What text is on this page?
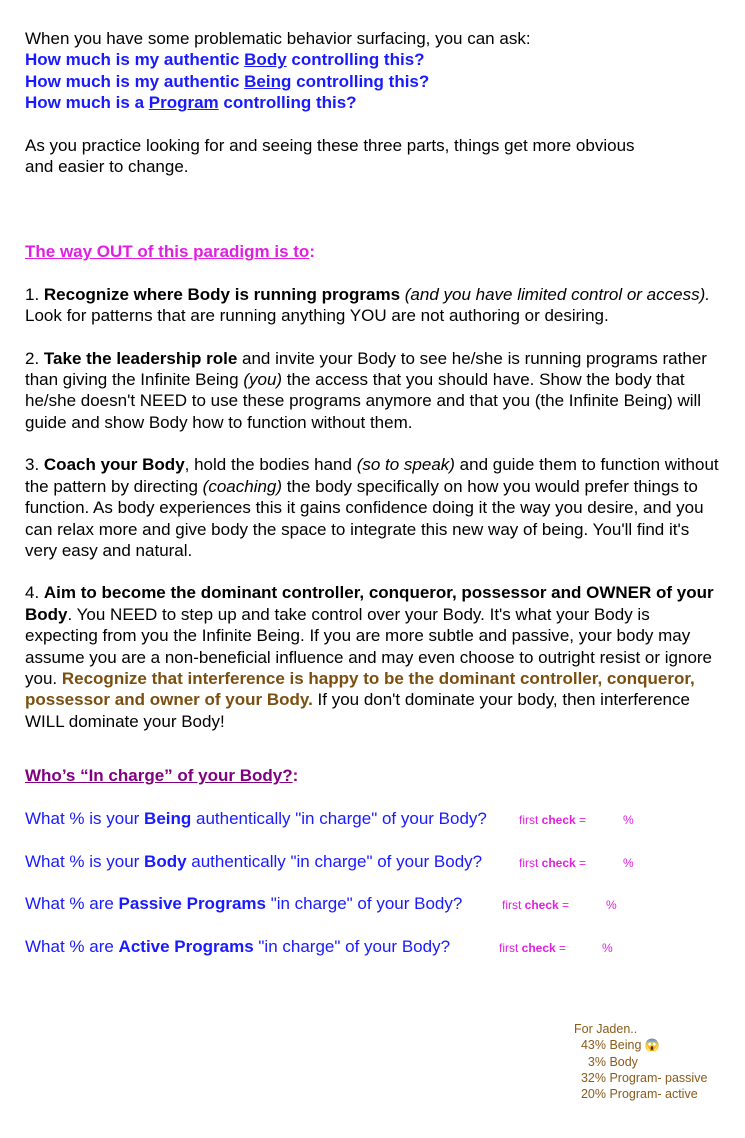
When you have some problematic behavior surfacing, you can ask:

How much is my authentic Body controlling this?

How much is my authentic Being controlling this?

How much is a Program controlling this?

As you practice looking for and seeing these three parts, things get more obvious

and easier to change.

The way OUT of this paradigm is to:

1. Recognize where Body is running programs (and you have limited control or access). Look for patterns that are running anything YOU are not authoring or desiring.

2. Take the leadership role and invite your Body to see he/she is running programs rather than giving the Infinite Being (you) the access that you should have. Show the body that he/she doesn't NEED to use these programs anymore and that you (the Infinite Being) will guide and show Body how to function without them.

3. Coach your Body, hold the bodies hand (so to speak) and guide them to function without the pattern by directing (coaching) the body specifically on how you would prefer things to function. As body experiences this it gains confidence doing it the way you desire, and you can relax more and give body the space to integrate this new way of being. You'll find it's very easy and natural.

4. Aim to become the dominant controller, conqueror, possessor and OWNER of your Body. You NEED to step up and take control over your Body. It's what your Body is expecting from you the Infinite Being. If you are more subtle and passive, your body may assume you are a non-beneficial influence and may even choose to outright resist or ignore you. Recognize that interference is happy to be the dominant controller, conqueror, possessor and owner of your Body. If you don't dominate your body, then interference WILL dominate your Body!

Who’s “In charge” of your Body?:

What % is your Being authentically "in charge" of your Body?	first check =	%
What % is your Body authentically "in charge" of your Body?	first check =	%
What % are Passive Programs "in charge" of your Body?	first check =	%
What % are Active Programs "in charge" of your Body?	first check =	%
For Jaden..
43% Being 😱
3% Body
32% Program- passive
20% Program- active
